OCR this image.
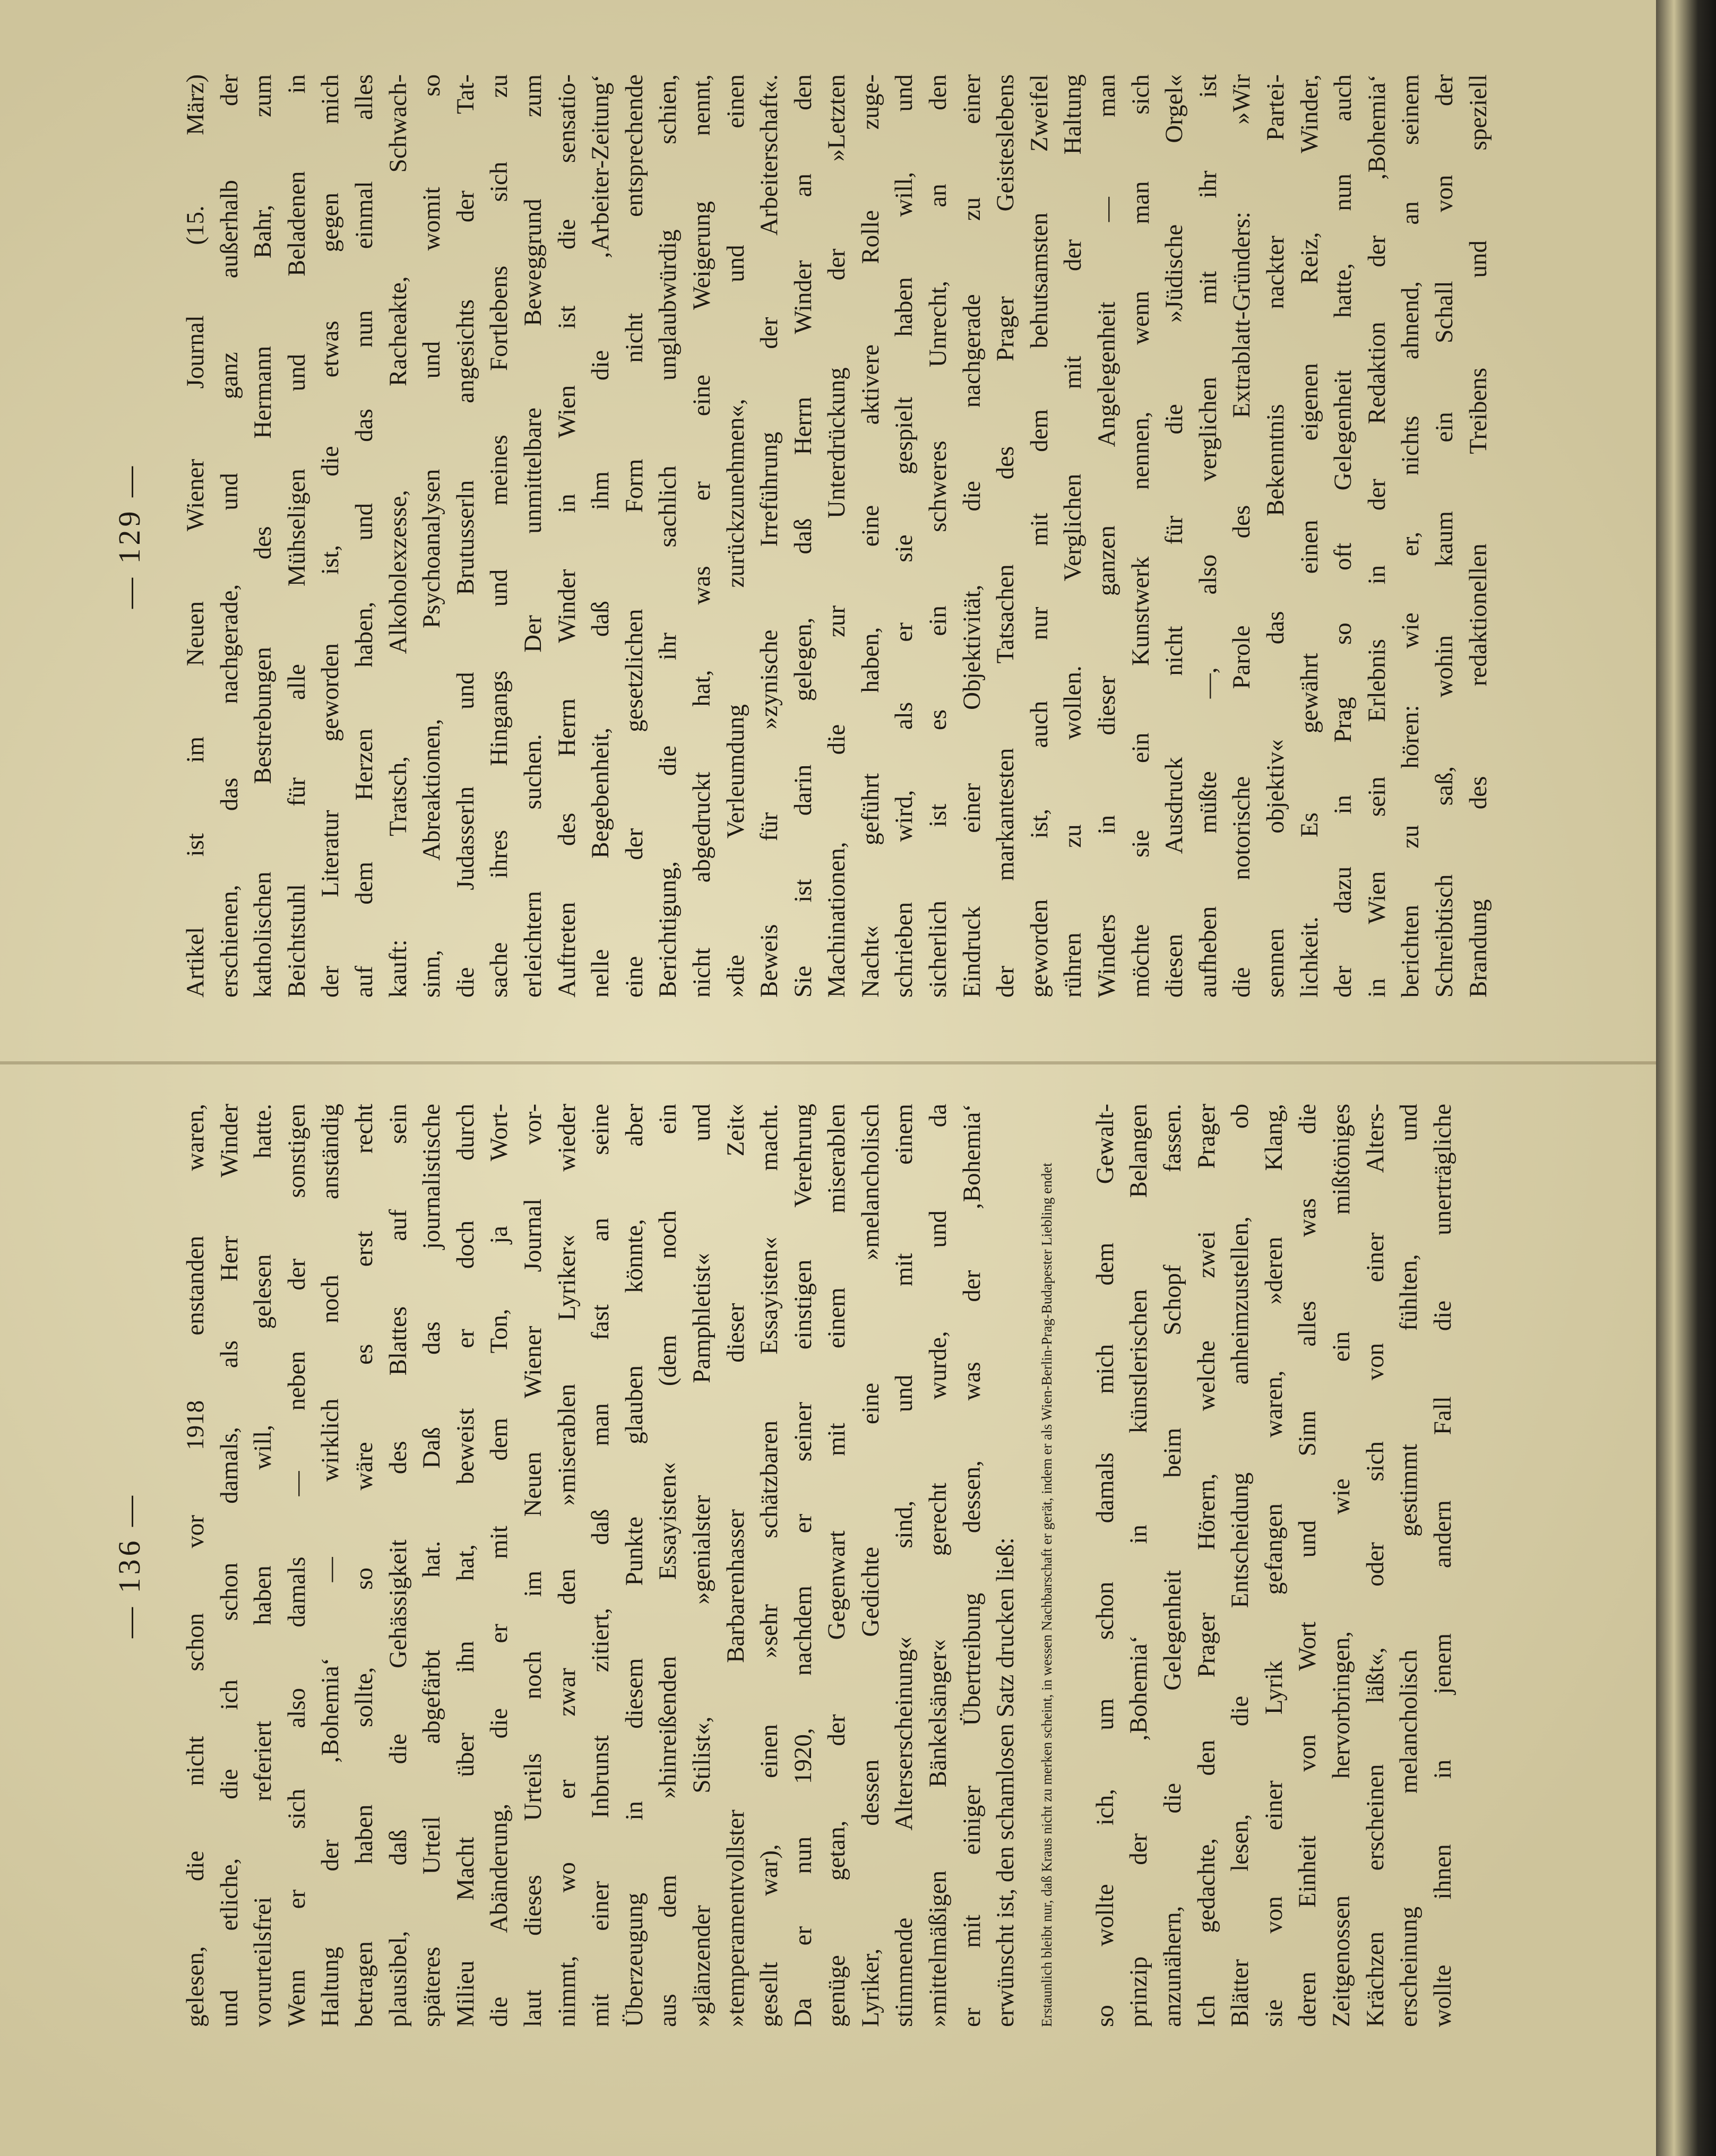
— 129 — Artikel ist im Neuen Wiener Journal (15. März) erschienen, das nachgerade, und ganz außerhalb der katholischen Bestrebungen des Hermann Bahr, zum Beichtstuhl für alle Mühseligen und Beladenen in der Literatur geworden ist, die etwas gegen mich auf dem Herzen haben, und das nun einmal alles kauft: Tratsch, Alkoholexzesse, Racheakte, Schwach- sinn, Abreaktionen, Psychoanalysen und womit so die Judasserln und Brutusserln angesichts der Tat- sache ihres Hingangs und meines Fortlebens sich zu erleichtern suchen. Der unmittelbare Beweggrund zum Auftreten des Herrn Winder in Wien ist die sensatio- nelle Begebenheit, daß ihm die ‚Arbeiter-Zeitung‘ eine der gesetzlichen Form nicht entsprechende Berichtigung, die ihr sachlich unglaubwürdig schien, nicht abgedruckt hat, was er eine Weigerung nennt, »die Verleumdung zurückzunehmen«, und einen Beweis für »zynische Irreführung der Arbeiterschaft«. Sie ist darin gelegen, daß Herrn Winder an den Machinationen, die zur Unterdrückung der »Letzten Nacht« geführt haben, eine aktivere Rolle zuge- schrieben wird, als er sie gespielt haben will, und sicherlich ist es ein schweres Unrecht, an den Eindruck einer Objektivität, die nachgerade zu einer der markantesten Tatsachen des Prager Geisteslebens geworden ist, auch nur mit dem behutsamsten Zweifel rühren zu wollen. Verglichen mit der Haltung Winders in dieser ganzen Angelegenheit — man möchte sie ein Kunstwerk nennen, wenn man sich diesen Ausdruck nicht für die »Jüdische Orgel« aufheben müßte —, also verglichen mit ihr ist die notorische Parole des Extrablatt-Gründers: »Wir sennen objektiv« das Bekenntnis nackter Partei- lichkeit. Es gewährt einen eigenen Reiz, Winder, der dazu in Prag so oft Gelegenheit hatte, nun auch in Wien sein Erlebnis in der Redaktion der ‚Bohemia‘ berichten zu hören: wie er, nichts ahnend, an seinem Schreibtisch saß, wohin kaum ein Schall von der Brandung des redaktionellen Treibens und speziell
— 136 — gelesen, die nicht schon vor 1918 enstanden waren, und etliche, die ich schon damals, als Herr Winder vorurteilsfrei referiert haben will, gelesen hatte. Wenn er sich also damals — neben der sonstigen Haltung der ‚Bohemia‘ — wirklich noch anständig betragen haben sollte, so wäre es erst recht plausibel, daß die Gehässigkeit des Blattes auf sein späteres Urteil abgefärbt hat. Daß das journalistische Milieu Macht über ihn hat, beweist er doch durch die Abänderung, die er mit dem Ton, ja Wort- laut dieses Urteils noch im Neuen Wiener Journal vor- nimmt, wo er zwar den »miserablen Lyriker« wieder mit einer Inbrunst zitiert, daß man fast an seine Überzeugung in diesem Punkte glauben könnte, aber aus dem »hinreißenden Essayisten« (dem noch ein »glänzender Stilist«, »genialster Pamphletist« und »temperamentvollster Barbarenhasser dieser Zeit« gesellt war), einen »sehr schätzbaren Essayisten« macht. Da er nun 1920, nachdem er seiner einstigen Verehrung genüge getan, der Gegenwart mit einem miserablen Lyriker, dessen Gedichte eine »melancholisch stimmende Alterserscheinung« sind, und mit einem »mittelmäßigen Bänkelsänger« gerecht wurde, und da er mit einiger Übertreibung dessen, was der ‚Bohemia‘ erwünscht ist, den schamlosen Satz drucken ließ: Erstaunlich bleibt nur, daß Kraus nicht zu merken scheint, in wessen Nachbarschaft er gerät, indem er als Wien-Berlin-Prag-Budapester Liebling endet so wollte ich, um schon damals mich dem Gewalt- prinzip der ‚Bohemia‘ in künstlerischen Belangen anzunähern, die Gelegenheit beim Schopf fassen. Ich gedachte, den Prager Hörern, welche zwei Prager Blätter lesen, die Entscheidung anheimzustellen, ob sie von einer Lyrik gefangen waren, »deren Klang, deren Einheit von Wort und Sinn alles was die Zeitgenossen hervorbringen, wie ein mißtöniges Krächzen erscheinen läßt«, oder sich von einer Alters- erscheinung melancholisch gestimmt fühlten, und wollte ihnen in jenem andern Fall die unerträgliche
